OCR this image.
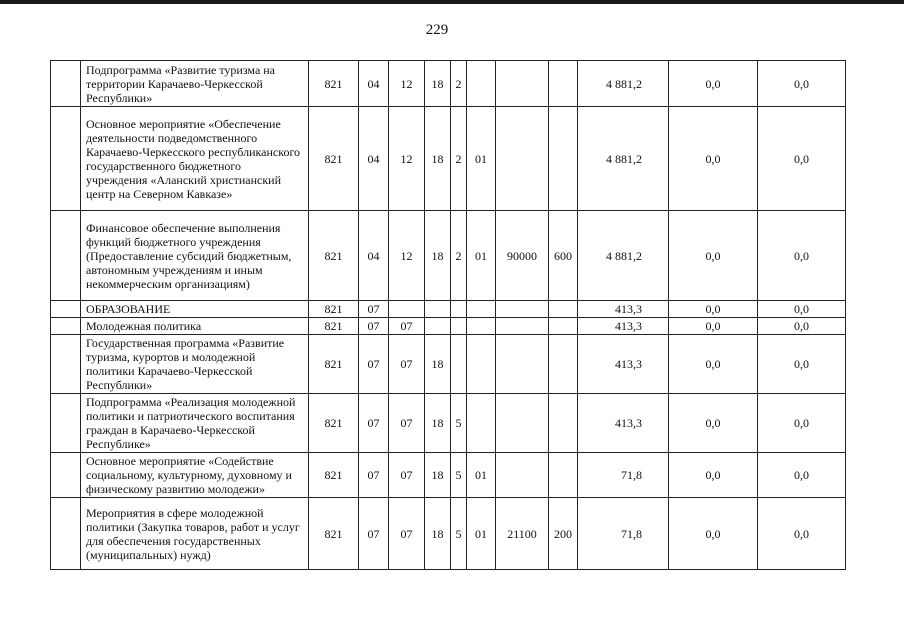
229
	Подпрограмма «Развитие туризма на территории Карачаево-Черкесской Республики»	821	04	12	18	2				4 881,2	0,0	0,0
	Основное мероприятие «Обеспечение деятельности подведомственного Карачаево-Черкесского республиканского государственного бюджетного учреждения «Аланский христианский центр на Северном Кавказе»	821	04	12	18	2	01			4 881,2	0,0	0,0
	Финансовое обеспечение выполнения функций бюджетного учреждения (Предоставление субсидий бюджетным, автономным учреждениям и иным некоммерческим организациям)	821	04	12	18	2	01	90000	600	4 881,2	0,0	0,0
	ОБРАЗОВАНИЕ	821	07							413,3	0,0	0,0
	Молодежная политика	821	07	07						413,3	0,0	0,0
	Государственная программа «Развитие туризма, курортов и молодежной политики Карачаево-Черкесской Республики»	821	07	07	18					413,3	0,0	0,0
	Подпрограмма «Реализация молодежной политики и патриотического воспитания граждан в Карачаево-Черкесской Республике»	821	07	07	18	5				413,3	0,0	0,0
	Основное мероприятие «Содействие социальному, культурному, духовному и физическому развитию молодежи»	821	07	07	18	5	01			71,8	0,0	0,0
	Мероприятия в сфере молодежной политики (Закупка товаров, работ и услуг для обеспечения государственных (муниципальных) нужд)	821	07	07	18	5	01	21100	200	71,8	0,0	0,0
